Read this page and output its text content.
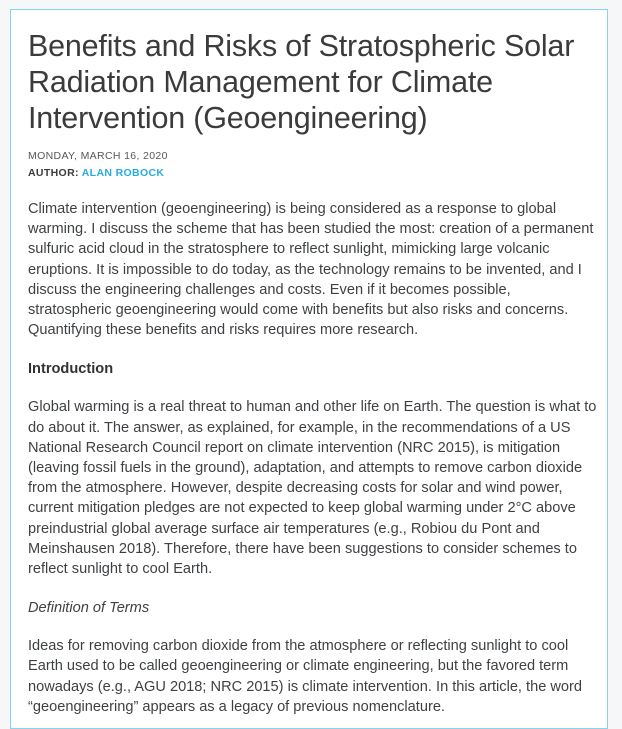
Benefits and Risks of Stratospheric Solar Radiation Management for Climate Intervention (Geoengineering)
MONDAY, MARCH 16, 2020
AUTHOR: ALAN ROBOCK

Climate intervention (geoengineering) is being considered as a response to global warming. I discuss the scheme that has been studied the most: creation of a permanent sulfuric acid cloud in the stratosphere to reflect sunlight, mimicking large volcanic eruptions. It is impossible to do today, as the technology remains to be invented, and I discuss the engineering challenges and costs. Even if it becomes possible, stratospheric geoengineering would come with benefits but also risks and concerns. Quantifying these benefits and risks requires more research.

Introduction

Global warming is a real threat to human and other life on Earth. The question is what to do about it. The answer, as explained, for example, in the recommendations of a US National Research Council report on climate intervention (NRC 2015), is mitigation (leaving fossil fuels in the ground), adaptation, and attempts to remove carbon dioxide from the atmosphere. However, despite decreasing costs for solar and wind power, current mitigation pledges are not expected to keep global warming under 2°C above preindustrial global average surface air temperatures (e.g., Robiou du Pont and Meinshausen 2018). Therefore, there have been suggestions to consider schemes to reflect sunlight to cool Earth.

Definition of Terms

Ideas for removing carbon dioxide from the atmosphere or reflecting sunlight to cool Earth used to be called geoengineering or climate engineering, but the favored term nowadays (e.g., AGU 2018; NRC 2015) is climate intervention. In this article, the word “geoengineering” appears as a legacy of previous nomenclature.
